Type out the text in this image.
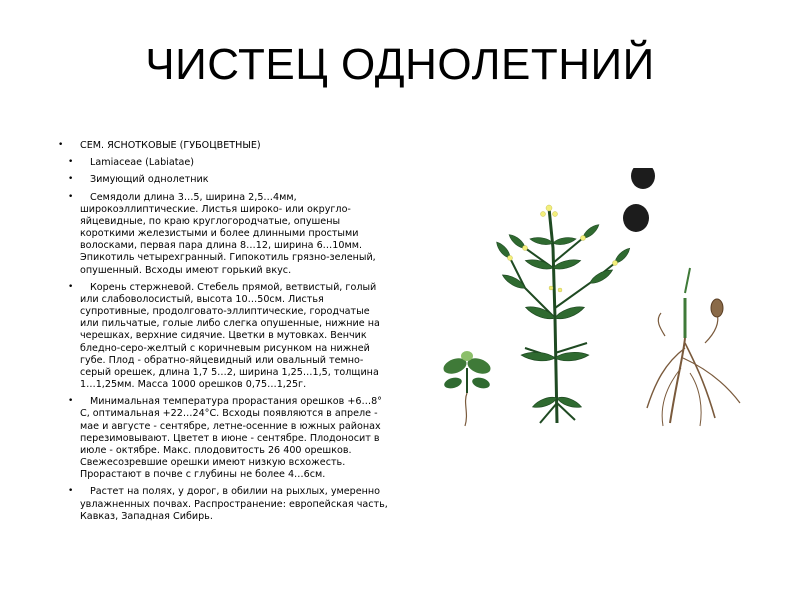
ЧИСТЕЦ ОДНОЛЕТНИЙ
• СЕМ. ЯСНОТКОВЫЕ (ГУБОЦВЕТНЫЕ)
• Lamiaceae (Labiatae)
• Зимующий однолетник
• Семядоли длина 3…5, ширина 2,5…4мм, широкоэллиптические. Листья широко- или округло-яйцевидные, по краю круглогородчатые, опушены короткими железистыми и более длинными простыми волосками, первая пара длина 8…12, ширина 6…10мм. Эпикотиль четырехгранный. Гипокотиль грязно-зеленый, опушенный. Всходы имеют горький вкус.
• Корень стержневой. Стебель прямой, ветвистый, голый или слабоволосистый, высота 10…50см. Листья супротивные, продолговато-эллиптические, городчатые или пильчатые, голые либо слегка опушенные, нижние на черешках, верхние сидячие. Цветки в мутовках. Венчик бледно-серо-желтый с коричневым рисунком на нижней губе. Плод - обратно-яйцевидный или овальный темно-серый орешек, длина 1,7 5…2, ширина 1,25…1,5, толщина 1…1,25мм. Масса 1000 орешков 0,75…1,25г.
• Минимальная температура прорастания орешков +6…8° С, оптимальная +22…24°С. Всходы появляются в апреле - мае и августе - сентябре, летне-осенние в южных районах перезимовывают. Цветет в июне - сентябре. Плодоносит в июле - октябре. Макс. плодовитость 26 400 орешков. Свежесозревшие орешки имеют низкую всхожесть. Прорастают в почве с глубины не более 4…6см.
• Растет на полях, у дорог, в обилии на рыхлых, умеренно увлажненных почвах. Распространение: европейская часть, Кавказ, Западная Сибирь.
